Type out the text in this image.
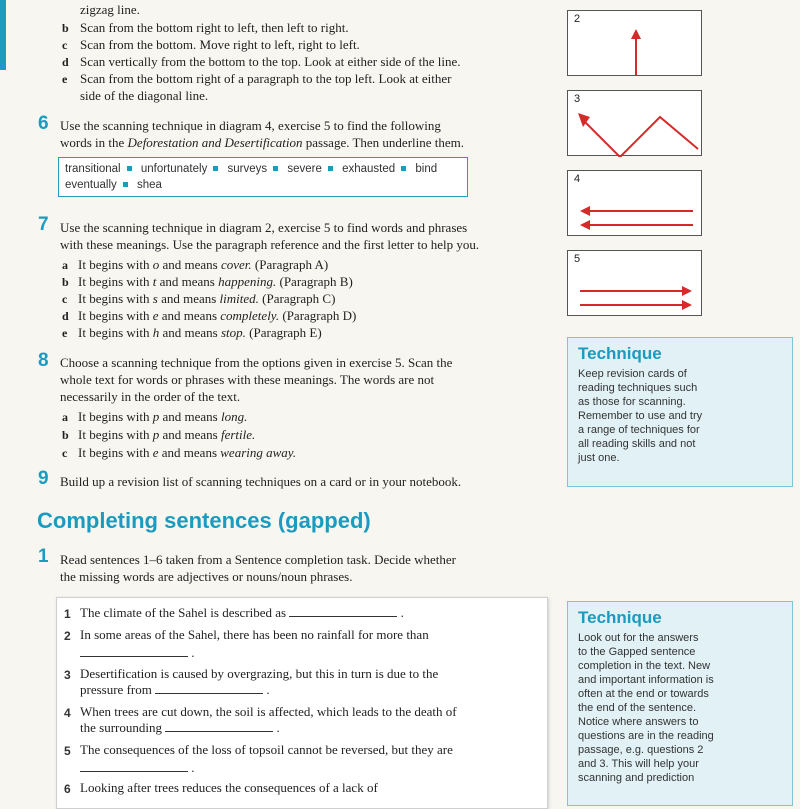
zigzag line.
b Scan from the bottom right to left, then left to right.
c Scan from the bottom. Move right to left, right to left.
d Scan vertically from the bottom to the top. Look at either side of the line.
e Scan from the bottom right of a paragraph to the top left. Look at either
side of the diagonal line.
6 Use the scanning technique in diagram 4, exercise 5 to find the following
words in the Deforestation and Desertification passage. Then underline them.
transitional unfortunately surveys severe exhausted bind
eventually shea
7 Use the scanning technique in diagram 2, exercise 5 to find words and phrases
with these meanings. Use the paragraph reference and the first letter to help you.
a It begins with o and means cover. (Paragraph A)
b It begins with t and means happening. (Paragraph B)
c It begins with s and means limited. (Paragraph C)
d It begins with e and means completely. (Paragraph D)
e It begins with h and means stop. (Paragraph E)
8 Choose a scanning technique from the options given in exercise 5. Scan the
whole text for words or phrases with these meanings. The words are not
necessarily in the order of the text.
a It begins with p and means long.
b It begins with p and means fertile.
c It begins with e and means wearing away.
9 Build up a revision list of scanning techniques on a card or in your notebook.
2
3
4
5
Technique
Keep revision cards of
reading techniques such
as those for scanning.
Remember to use and try
a range of techniques for
all reading skills and not
just one.
Completing sentences (gapped)
1 Read sentences 1–6 taken from a Sentence completion task. Decide whether
the missing words are adjectives or nouns/noun phrases.
1 The climate of the Sahel is described as	.
2 In some areas of the Sahel, there has been no rainfall for more than
.
3 Desertification is caused by overgrazing, but this in turn is due to the
pressure from	.
4 When trees are cut down, the soil is affected, which leads to the death of
the surrounding	.
5 The consequences of the loss of topsoil cannot be reversed, but they are
.
6 Looking after trees reduces the consequences of a lack of
Technique
Look out for the answers
to the Gapped sentence
completion in the text. New
and important information is
often at the end or towards
the end of the sentence.
Notice where answers to
questions are in the reading
passage, e.g. questions 2
and 3. This will help your
scanning and prediction
